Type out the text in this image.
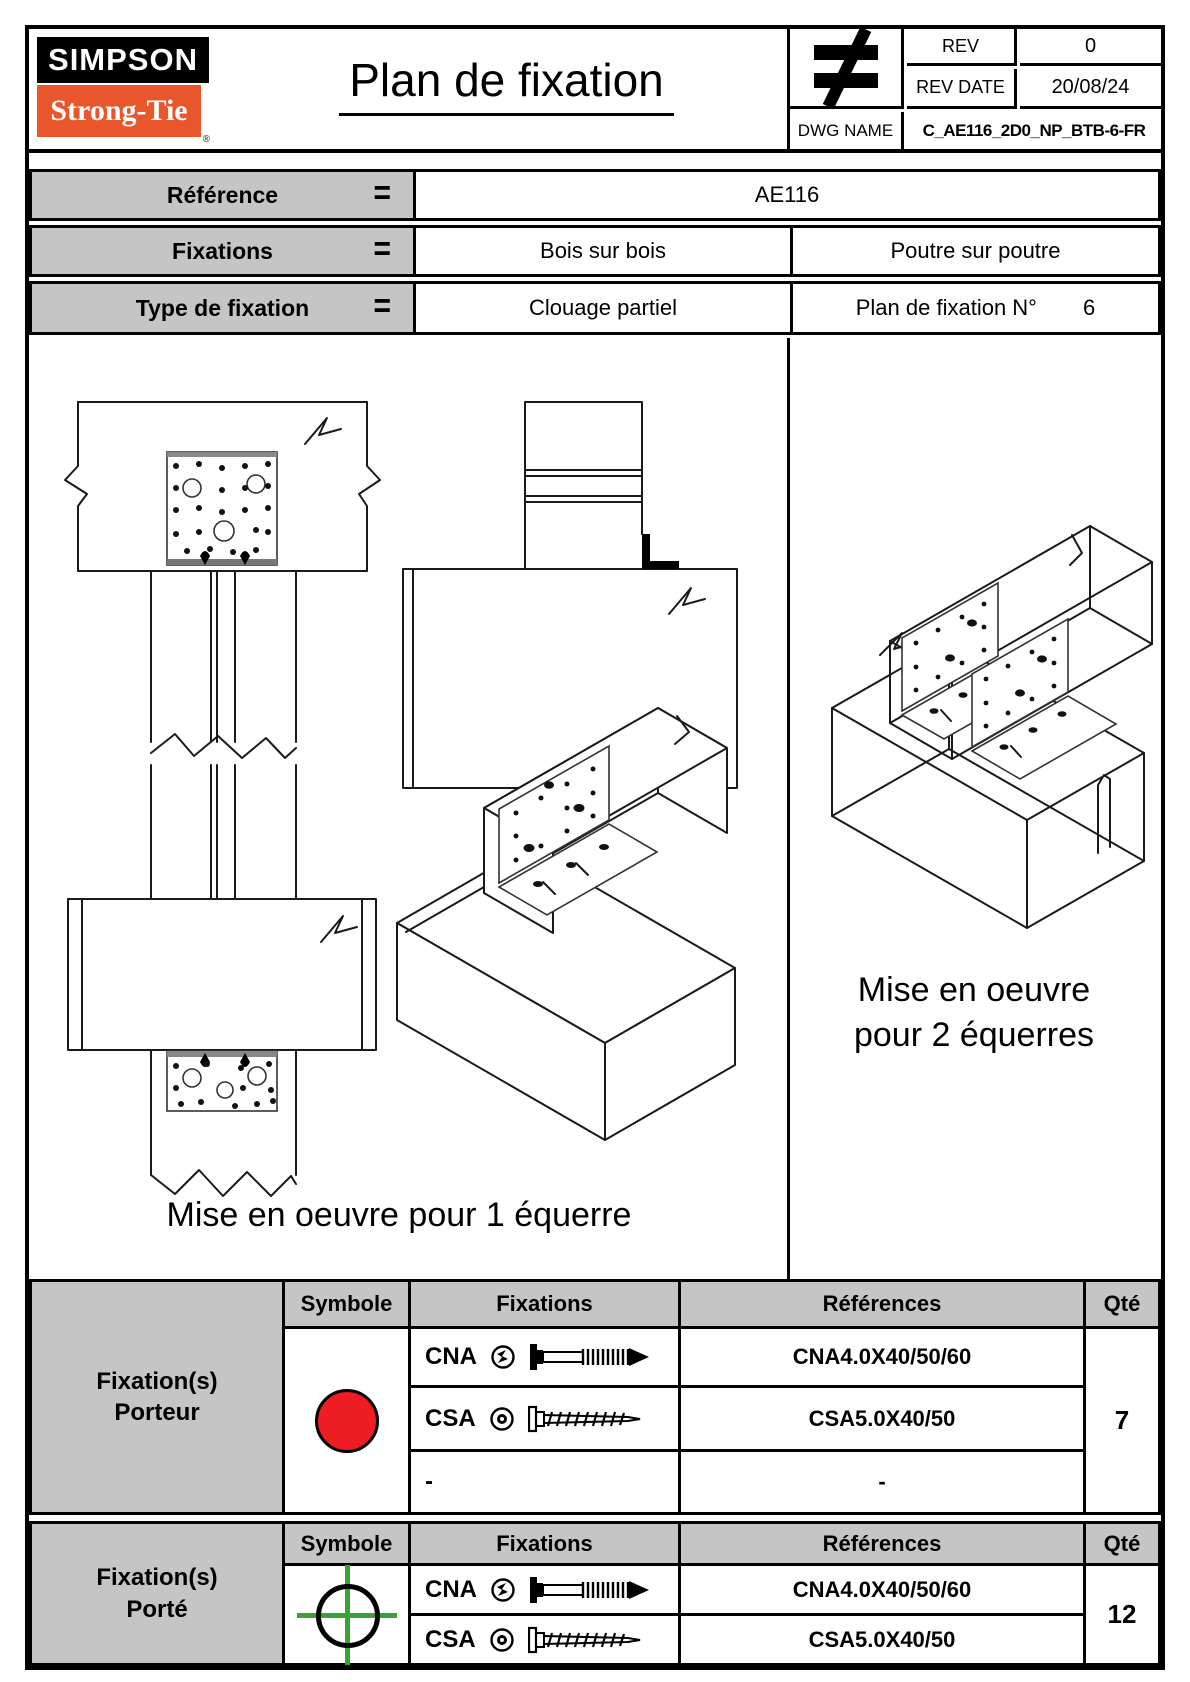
SIMPSON
Strong-Tie
®
Plan de fixation
REV	0
REV DATE	20/08/24
DWG NAME	C_AE116_2D0_NP_BTB-6-FR
Référence	=	AE116
Fixations	=	Bois sur bois	Poutre sur poutre
Type de fixation =	Clouage partiel	Plan de fixation N° 6
Mise en oeuvre pour 1 équerre
Mise en oeuvre
pour 2 équerres
Fixation(s)
Porteur
Symbole	Fixations	Références	Qté
CNA	CNA4.0X40/50/60
7
CSA	CSA5.0X40/50
-	-
Fixation(s)
Porté
Symbole	Fixations	Références	Qté
CNA	CNA4.0X40/50/60
12
CSA	CSA5.0X40/50
